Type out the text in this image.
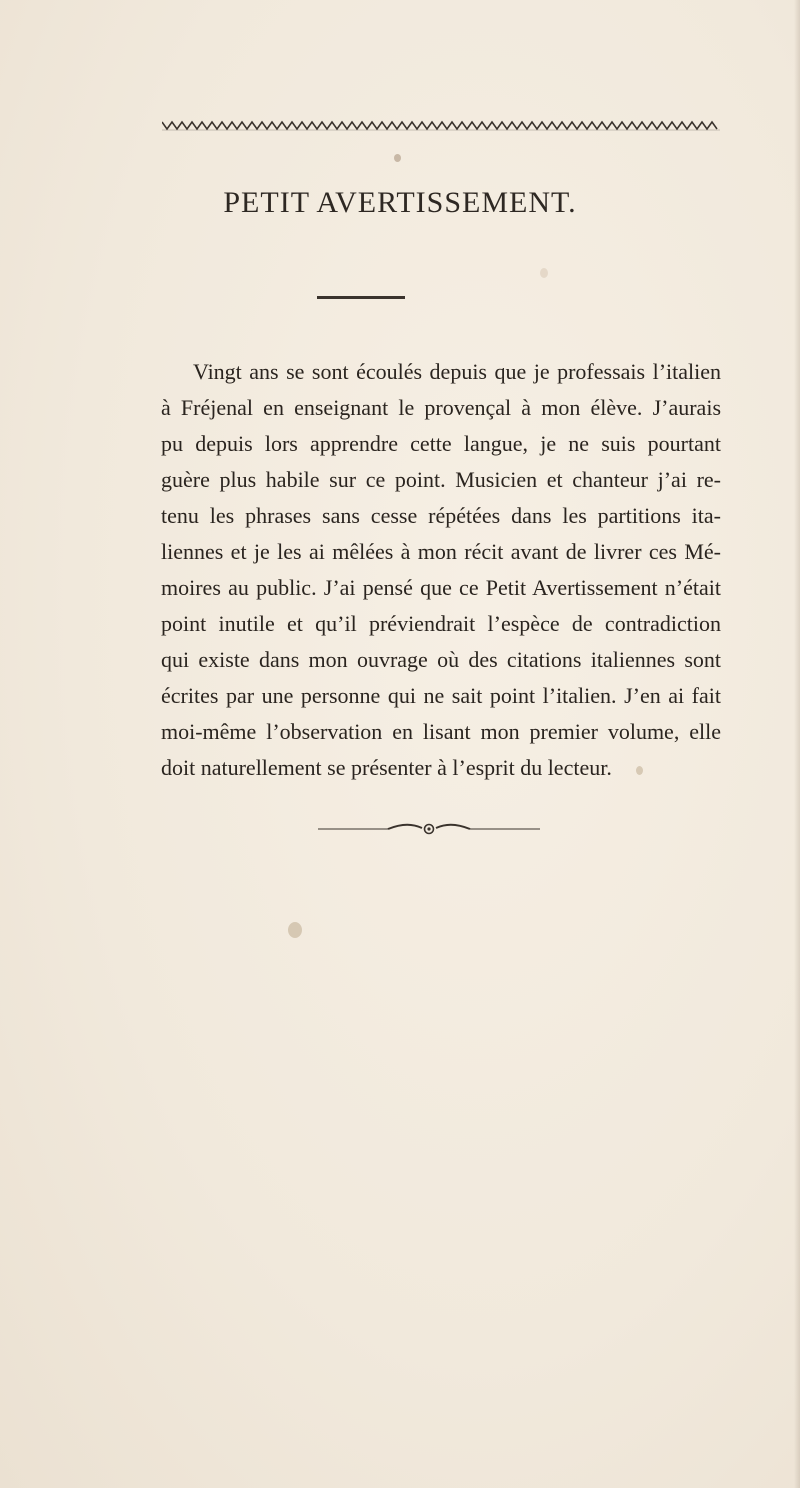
PETIT AVERTISSEMENT.
Vingt ans se sont écoulés depuis que je professais l’italien
à Fréjenal en enseignant le provençal à mon élève. J’aurais
pu depuis lors apprendre cette langue, je ne suis pourtant
guère plus habile sur ce point. Musicien et chanteur j’ai re-
tenu les phrases sans cesse répétées dans les partitions ita-
liennes et je les ai mêlées à mon récit avant de livrer ces Mé-
moires au public. J’ai pensé que ce Petit Avertissement n’était
point inutile et qu’il préviendrait l’espèce de contradiction
qui existe dans mon ouvrage où des citations italiennes sont
écrites par une personne qui ne sait point l’italien. J’en ai fait
moi-même l’observation en lisant mon premier volume, elle
doit naturellement se présenter à l’esprit du lecteur.
